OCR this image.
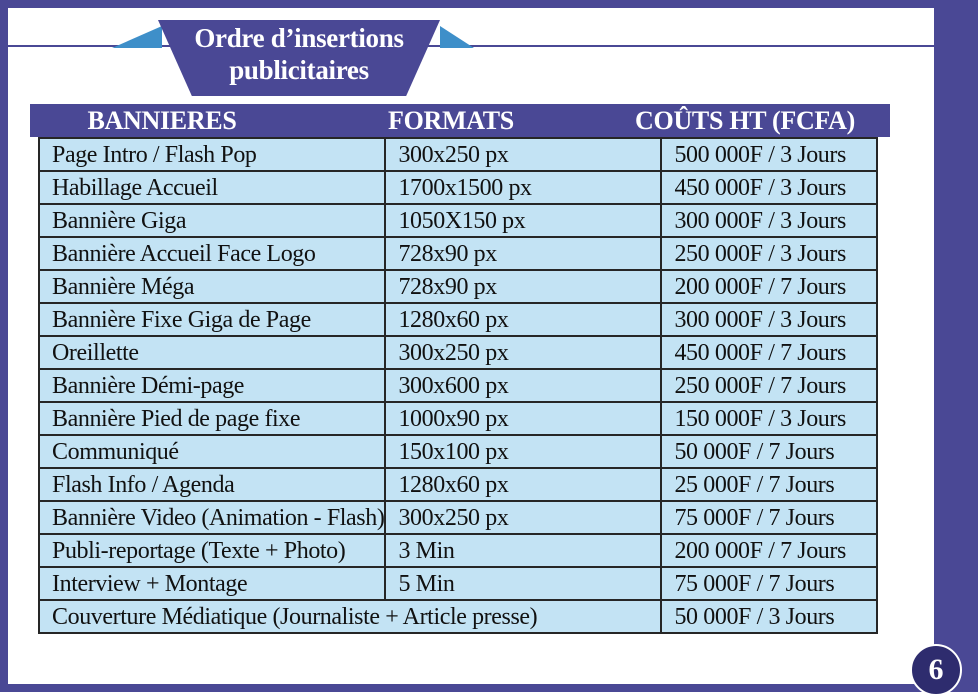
Ordre d’insertions
publicitaires
BANNIERES	FORMATS	COÛTS HT (FCFA)
Page Intro / Flash Pop	300x250 px	500 000F / 3 Jours
Habillage Accueil	1700x1500 px	450 000F / 3 Jours
Bannière Giga	1050X150 px	300 000F / 3 Jours
Bannière Accueil Face Logo	728x90 px	250 000F / 3 Jours
Bannière Méga	728x90 px	200 000F / 7 Jours
Bannière Fixe Giga de Page	1280x60 px	300 000F / 3 Jours
Oreillette	300x250 px	450 000F / 7 Jours
Bannière Démi-page	300x600 px	250 000F / 7 Jours
Bannière Pied de page fixe	1000x90 px	150 000F / 3 Jours
Communiqué	150x100 px	50 000F / 7 Jours
Flash Info / Agenda	1280x60 px	25 000F / 7 Jours
Bannière Video (Animation - Flash)	300x250 px	75 000F / 7 Jours
Publi-reportage (Texte + Photo)	3 Min	200 000F / 7 Jours
Interview + Montage	5 Min	75 000F / 7 Jours
Couverture Médiatique (Journaliste + Article presse)		50 000F / 3 Jours
6
